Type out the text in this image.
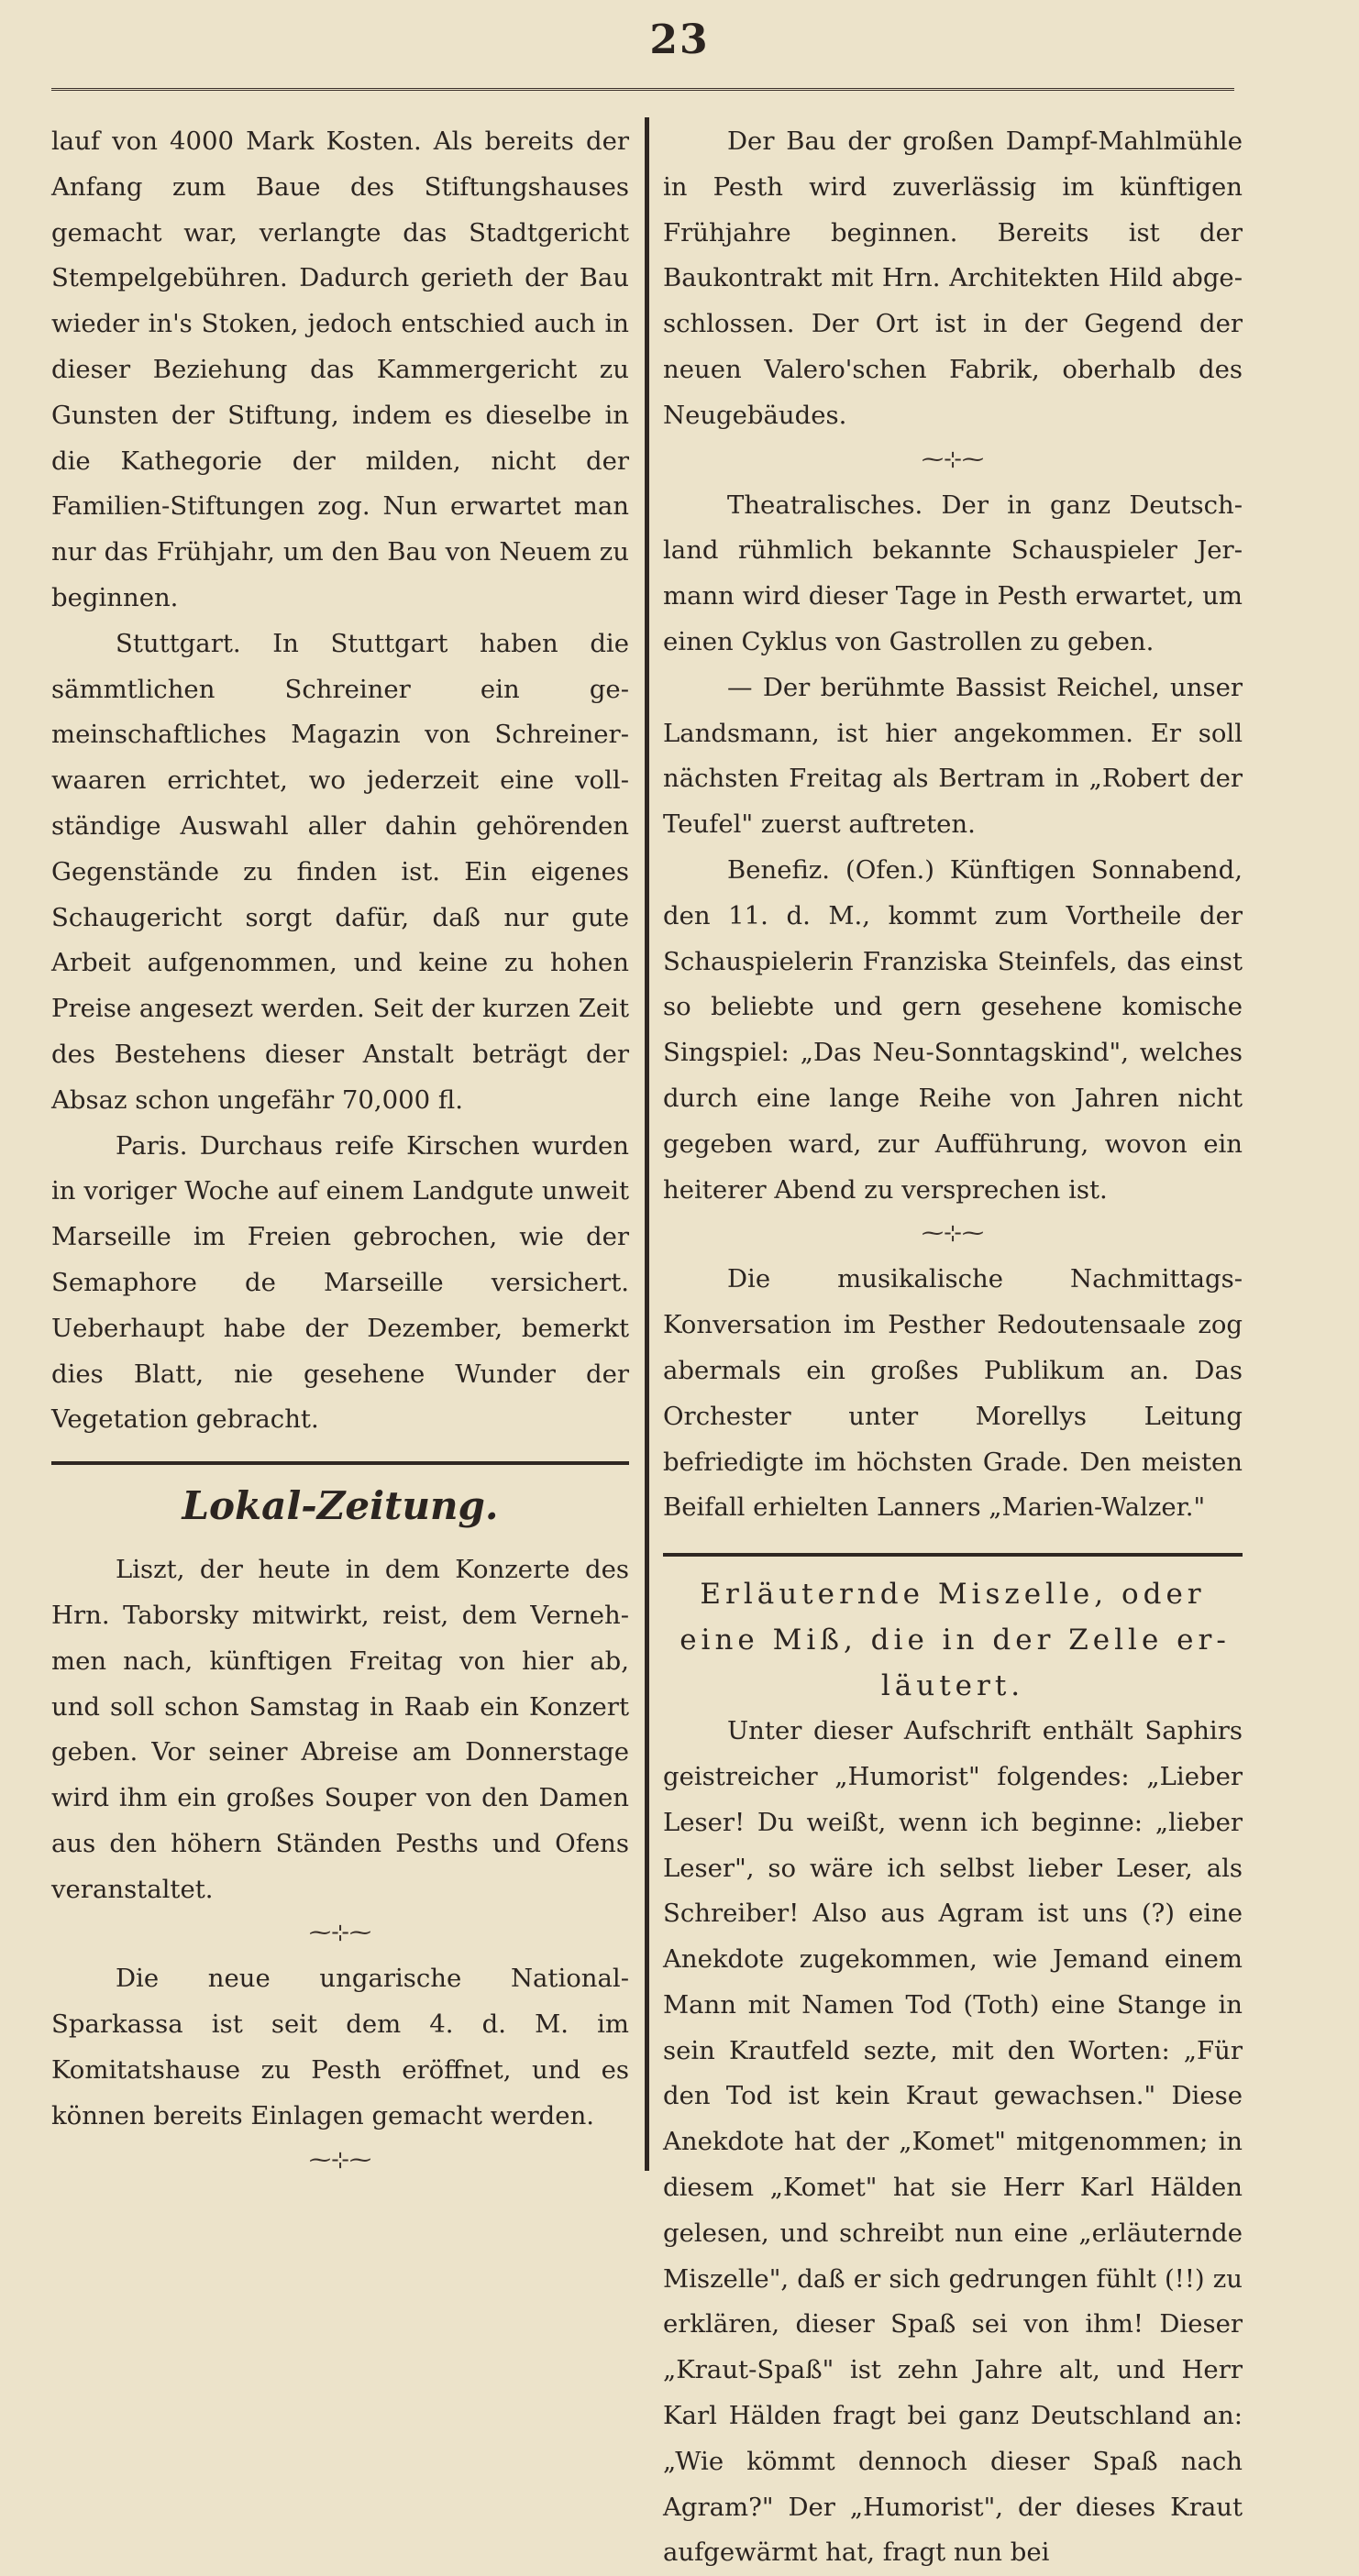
23

lauf von 4000 Mark Kosten. Als bereits der Anfang zum Baue des Stiftungshauses gemacht war, verlangte das Stadtgericht Stempelgebühren. Dadurch gerieth der Bau wieder in's Stoken, jedoch entschied auch in dieser Beziehung das Kammergericht zu Gunsten der Stiftung, indem es dieselbe in die Kathegorie der milden, nicht der Familien-Stiftungen zog. Nun erwartet man nur das Frühjahr, um den Bau von Neuem zu beginnen.

Stuttgart. In Stuttgart haben die sämmtlichen Schreiner ein gemeinschaftliches Magazin von Schreinerwaaren errichtet, wo jederzeit eine vollständige Auswahl aller dahin gehörenden Gegenstände zu finden ist. Ein eigenes Schaugericht sorgt dafür, daß nur gute Arbeit aufgenommen, und keine zu hohen Preise angesezt werden. Seit der kurzen Zeit des Bestehens dieser Anstalt beträgt der Absaz schon ungefähr 70,000 fl.

Paris. Durchaus reife Kirschen wurden in voriger Woche auf einem Landgute unweit Marseille im Freien gebrochen, wie der Semaphore de Marseille versichert. Ueberhaupt habe der Dezember, bemerkt dies Blatt, nie gesehene Wunder der Vegetation gebracht.

Lokal-Zeitung.

Liszt, der heute in dem Konzerte des Hrn. Taborsky mitwirkt, reist, dem Vernehmen nach, künftigen Freitag von hier ab, und soll schon Samstag in Raab ein Konzert geben. Vor seiner Abreise am Donnerstage wird ihm ein großes Souper von den Damen aus den höhern Ständen Pesths und Ofens veranstaltet.

⁓⊹⁓

Die neue ungarische National-Sparkassa ist seit dem 4. d. M. im Komitatshause zu Pesth eröffnet, und es können bereits Einlagen gemacht werden.

⁓⊹⁓

Der Bau der großen Dampf-Mahlmühle in Pesth wird zuverlässig im künftigen Frühjahre beginnen. Bereits ist der Baukontrakt mit Hrn. Architekten Hild abgeschlossen. Der Ort ist in der Gegend der neuen Valero'schen Fabrik, oberhalb des Neugebäudes.

⁓⊹⁓

Theatralisches. Der in ganz Deutschland rühmlich bekannte Schauspieler Jermann wird dieser Tage in Pesth erwartet, um einen Cyklus von Gastrollen zu geben.

— Der berühmte Bassist Reichel, unser Landsmann, ist hier angekommen. Er soll nächsten Freitag als Bertram in „Robert der Teufel" zuerst auftreten.

Benefiz. (Ofen.) Künftigen Sonnabend, den 11. d. M., kommt zum Vortheile der Schauspielerin Franziska Steinfels, das einst so beliebte und gern gesehene komische Singspiel: „Das Neu-Sonntagskind", welches durch eine lange Reihe von Jahren nicht gegeben ward, zur Aufführung, wovon ein heiterer Abend zu versprechen ist.

⁓⊹⁓

Die musikalische Nachmittags-Konversation im Pesther Redoutensaale zog abermals ein großes Publikum an. Das Orchester unter Morellys Leitung befriedigte im höchsten Grade. Den meisten Beifall erhielten Lanners „Marien-Walzer."

Erläuternde Miszelle, oder eine Miß, die in der Zelle erläutert.

Unter dieser Aufschrift enthält Saphirs geistreicher „Humorist" folgendes: „Lieber Leser! Du weißt, wenn ich beginne: „lieber Leser", so wäre ich selbst lieber Leser, als Schreiber! Also aus Agram ist uns (?) eine Anekdote zugekommen, wie Jemand einem Mann mit Namen Tod (Toth) eine Stange in sein Krautfeld sezte, mit den Worten: „Für den Tod ist kein Kraut gewachsen." Diese Anekdote hat der „Komet" mitgenommen; in diesem „Komet" hat sie Herr Karl Hälden gelesen, und schreibt nun eine „erläuternde Miszelle", daß er sich gedrungen fühlt (!!) zu erklären, dieser Spaß sei von ihm! Dieser „Kraut-Spaß" ist zehn Jahre alt, und Herr Karl Hälden fragt bei ganz Deutschland an: „Wie kömmt dennoch dieser Spaß nach Agram?" Der „Humorist", der dieses Kraut aufgewärmt hat, fragt nun bei
